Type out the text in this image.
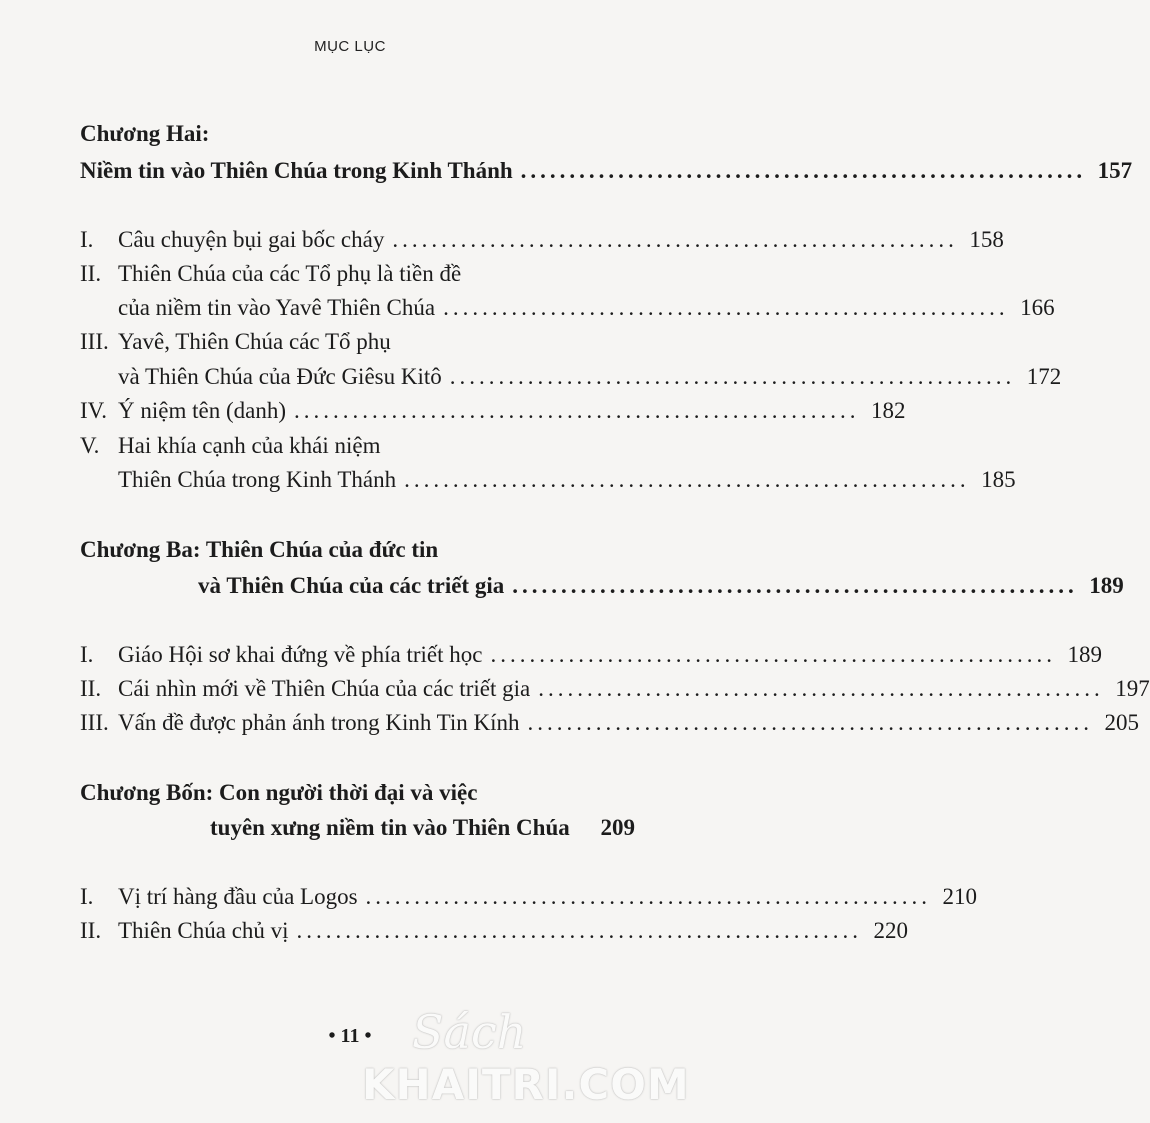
MỤC LỤC
Chương Hai:
Niềm tin vào Thiên Chúa trong Kinh Thánh .......................................................... 157
I.	Câu chuyện bụi gai bốc cháy .......................................................... 158
II. Thiên Chúa của các Tổ phụ là tiền đề
của niềm tin vào Yavê Thiên Chúa .......................................................... 166
III. Yavê, Thiên Chúa các Tổ phụ
và Thiên Chúa của Đức Giêsu Kitô .......................................................... 172
IV. Ý niệm tên (danh) .......................................................... 182
V. Hai khía cạnh của khái niệm
Thiên Chúa trong Kinh Thánh .......................................................... 185
Chương Ba: Thiên Chúa của đức tin
và Thiên Chúa của các triết gia .......................................................... 189
I.	Giáo Hội sơ khai đứng về phía triết học .......................................................... 189
II. Cái nhìn mới về Thiên Chúa của các triết gia .......................................................... 197
III. Vấn đề được phản ánh trong Kinh Tin Kính .......................................................... 205
Chương Bốn: Con người thời đại và việc
tuyên xưng niềm tin vào Thiên Chúa	209
I.	Vị trí hàng đầu của Logos .......................................................... 210
II. Thiên Chúa chủ vị .......................................................... 220
• 11 • Sách
KHAITRI.COM
